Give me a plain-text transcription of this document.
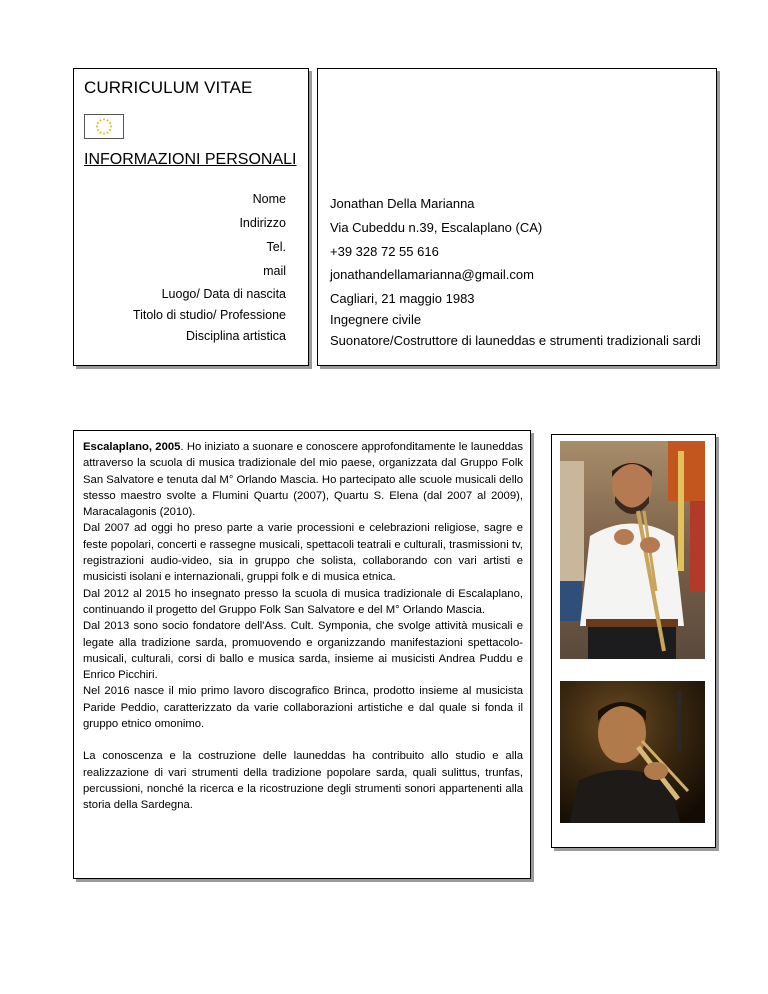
CURRICULUM VITAE
INFORMAZIONI PERSONALI
Nome
Indirizzo
Tel.
mail
Luogo/ Data di nascita
Titolo di studio/ Professione
Disciplina artistica
Jonathan Della Marianna
Via Cubeddu n.39, Escalaplano (CA)
+39 328 72 55 616
jonathandellamarianna@gmail.com
Cagliari, 21 maggio 1983
Ingegnere civile
Suonatore/Costruttore di launeddas e strumenti tradizionali sardi

Escalaplano, 2005. Ho iniziato a suonare e conoscere approfonditamente le launeddas attraverso la scuola di musica tradizionale del mio paese, organizzata dal Gruppo Folk San Salvatore e tenuta dal M° Orlando Mascia. Ho partecipato alle scuole musicali dello stesso maestro svolte a Flumini Quartu (2007), Quartu S. Elena (dal 2007 al 2009), Maracalagonis (2010).

Dal 2007 ad oggi ho preso parte a varie processioni e celebrazioni religiose, sagre e feste popolari, concerti e rassegne musicali, spettacoli teatrali e culturali, trasmissioni tv, registrazioni audio-video, sia in gruppo che solista, collaborando con vari artisti e musicisti isolani e internazionali, gruppi folk e di musica etnica.

Dal 2012 al 2015 ho insegnato presso la scuola di musica tradizionale di Escalaplano, continuando il progetto del Gruppo Folk San Salvatore e del M° Orlando Mascia.

Dal 2013 sono socio fondatore dell'Ass. Cult. Symponia, che svolge attività musicali e legate alla tradizione sarda, promuovendo e organizzando manifestazioni spettacolo-musicali, culturali, corsi di ballo e musica sarda, insieme ai musicisti Andrea Puddu e Enrico Picchiri.

Nel 2016 nasce il mio primo lavoro discografico Brinca, prodotto insieme al musicista Paride Peddio, caratterizzato da varie collaborazioni artistiche e dal quale si fonda il gruppo etnico omonimo.

La conoscenza e la costruzione delle launeddas ha contribuito allo studio e alla realizzazione di vari strumenti della tradizione popolare sarda, quali sulittus, trunfas, percussioni, nonché la ricerca e la ricostruzione degli strumenti sonori appartenenti alla storia della Sardegna.
